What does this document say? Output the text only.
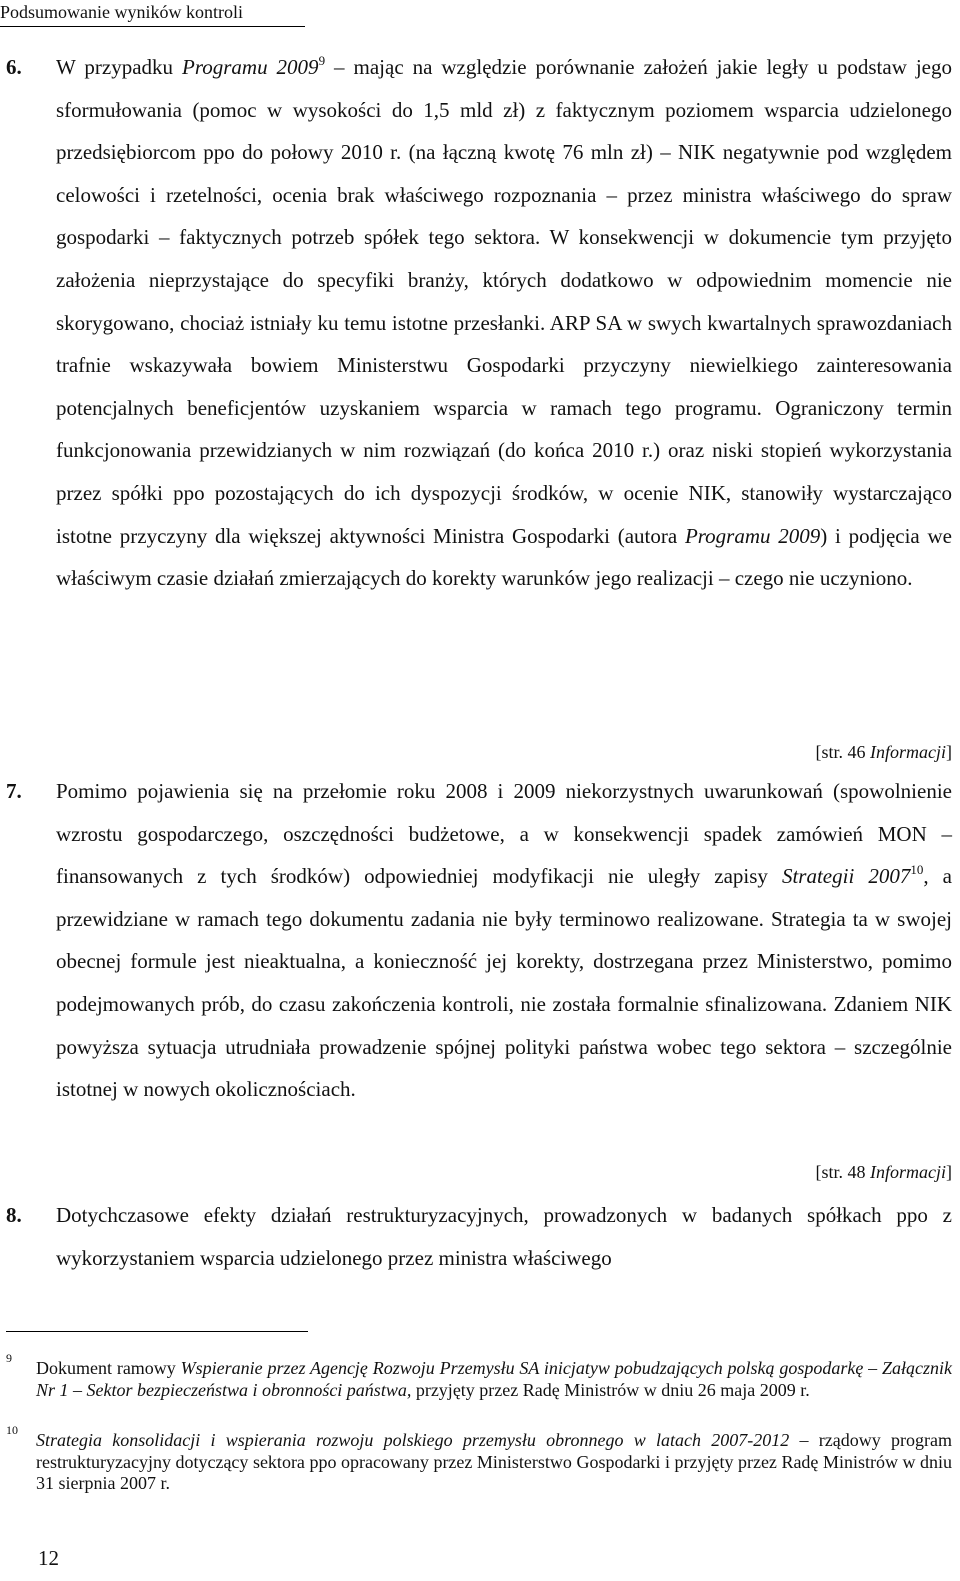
Podsumowanie wyników kontroli
6.	W przypadku Programu 2009$^9$ – mając na względzie porównanie założeń jakie legły u podstaw jego sformułowania (pomoc w wysokości do 1,5 mld zł) z faktycznym poziomem wsparcia udzielonego przedsiębiorcom ppo do połowy 2010 r. (na łączną kwotę 76 mln zł) – NIK negatywnie pod względem celowości i rzetelności, ocenia brak właściwego rozpoznania – przez ministra właściwego do spraw gospodarki – faktycznych potrzeb spółek tego sektora. W konsekwencji w dokumencie tym przyjęto założenia nieprzystające do specyfiki branży, których dodatkowo w odpowiednim momencie nie skorygowano, chociaż istniały ku temu istotne przesłanki. ARP SA w swych kwartalnych sprawozdaniach trafnie wskazywała bowiem Ministerstwu Gospodarki przyczyny niewielkiego zainteresowania potencjalnych beneficjentów uzyskaniem wsparcia w ramach tego programu. Ograniczony termin funkcjonowania przewidzianych w nim rozwiązań (do końca 2010 r.) oraz niski stopień wykorzystania przez spółki ppo pozostających do ich dyspozycji środków, w ocenie NIK, stanowiły wystarczająco istotne przyczyny dla większej aktywności Ministra Gospodarki (autora Programu 2009) i podjęcia we właściwym czasie działań zmierzających do korekty warunków jego realizacji – czego nie uczyniono.
[str. 46 Informacji]
7.	Pomimo pojawienia się na przełomie roku 2008 i 2009 niekorzystnych uwarunkowań (spowolnienie wzrostu gospodarczego, oszczędności budżetowe, a w konsekwencji spadek zamówień MON – finansowanych z tych środków) odpowiedniej modyfikacji nie uległy zapisy Strategii 2007$^{10}$, a przewidziane w ramach tego dokumentu zadania nie były terminowo realizowane. Strategia ta w swojej obecnej formule jest nieaktualna, a konieczność jej korekty, dostrzegana przez Ministerstwo, pomimo podejmowanych prób, do czasu zakończenia kontroli, nie została formalnie sfinalizowana. Zdaniem NIK powyższa sytuacja utrudniała prowadzenie spójnej polityki państwa wobec tego sektora – szczególnie istotnej w nowych okolicznościach.
[str. 48 Informacji]
8.	Dotychczasowe efekty działań restrukturyzacyjnych, prowadzonych w badanych spółkach ppo z wykorzystaniem wsparcia udzielonego przez ministra właściwego
9 Dokument ramowy Wspieranie przez Agencję Rozwoju Przemysłu SA inicjatyw pobudzających polską gospodarkę – Załącznik Nr 1 – Sektor bezpieczeństwa i obronności państwa, przyjęty przez Radę Ministrów w dniu 26 maja 2009 r.
10 Strategia konsolidacji i wspierania rozwoju polskiego przemysłu obronnego w latach 2007-2012 – rządowy program restrukturyzacyjny dotyczący sektora ppo opracowany przez Ministerstwo Gospodarki i przyjęty przez Radę Ministrów w dniu 31 sierpnia 2007 r.
12
